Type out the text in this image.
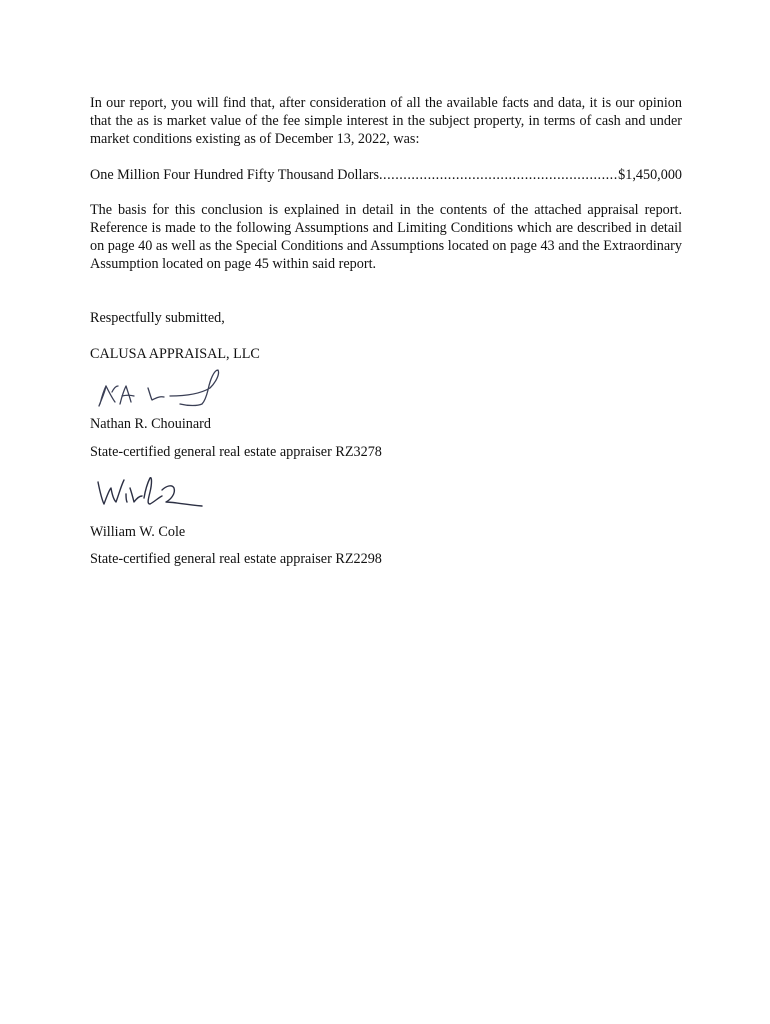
In our report, you will find that, after consideration of all the available facts and data, it is our opinion that the as is market value of the fee simple interest in the subject property, in terms of cash and under market conditions existing as of December 13, 2022, was:

One Million Four Hundred Fifty Thousand Dollars
.....	$1,450,000

The basis for this conclusion is explained in detail in the contents of the attached appraisal report. Reference is made to the following Assumptions and Limiting Conditions which are described in detail on page 40 as well as the Special Conditions and Assumptions located on page 43 and the Extraordinary Assumption located on page 45 within said report.

Respectfully submitted,
CALUSA APPRAISAL, LLC
Nathan R. Chouinard
State-certified general real estate appraiser RZ3278
William W. Cole
State-certified general real estate appraiser RZ2298
